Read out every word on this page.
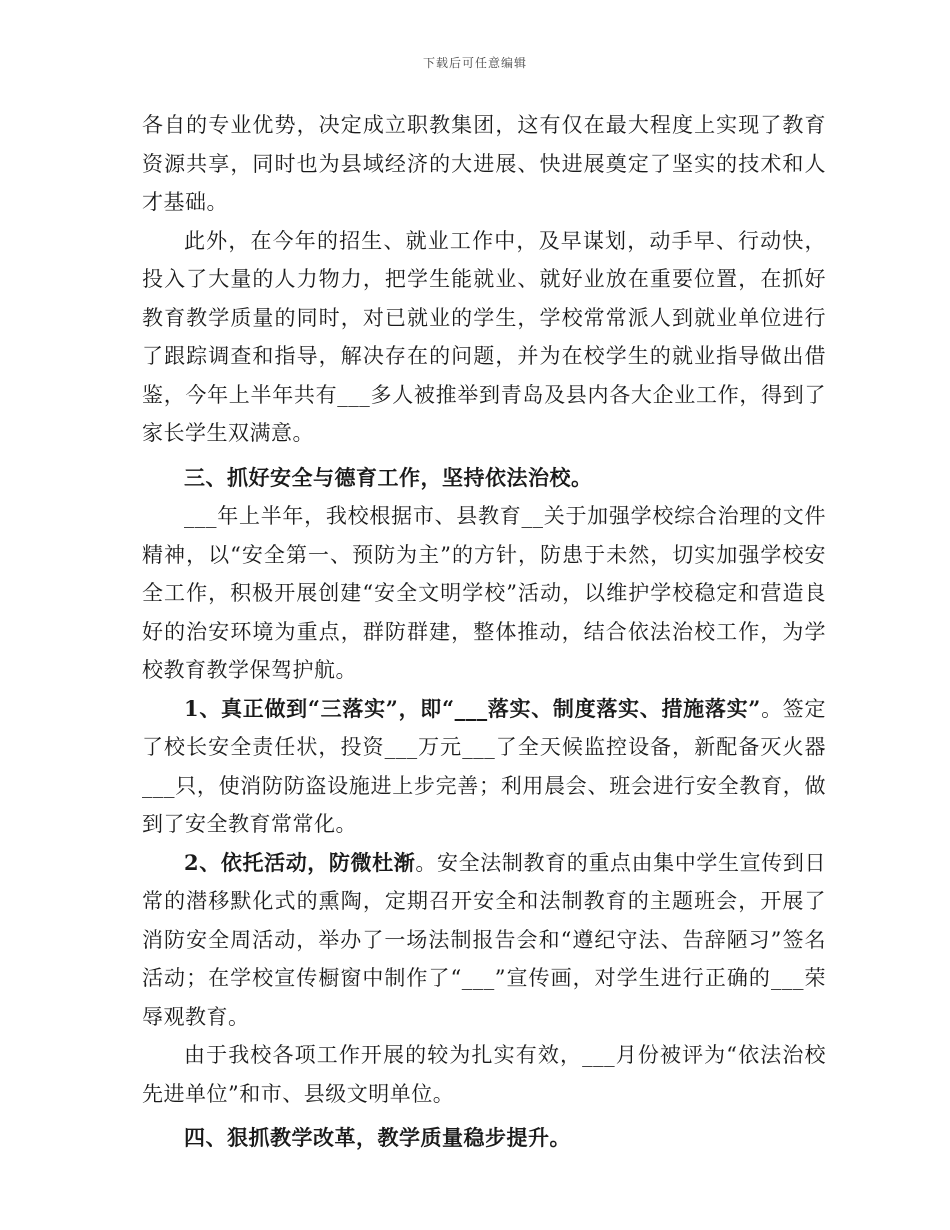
下载后可任意编辑

各自的专业优势，决定成立职教集团，这有仅在最大程度上实现了教育资源共享，同时也为县域经济的大进展、快进展奠定了坚实的技术和人才基础。

此外，在今年的招生、就业工作中，及早谋划，动手早、行动快，投入了大量的人力物力，把学生能就业、就好业放在重要位置，在抓好教育教学质量的同时，对已就业的学生，学校常常派人到就业单位进行了跟踪调查和指导，解决存在的问题，并为在校学生的就业指导做出借鉴，今年上半年共有___多人被推举到青岛及县内各大企业工作，得到了家长学生双满意。

三、抓好安全与德育工作，坚持依法治校。

___年上半年，我校根据市、县教育__关于加强学校综合治理的文件精神，以“安全第一、预防为主”的方针，防患于未然，切实加强学校安全工作，积极开展创建“安全文明学校”活动，以维护学校稳定和营造良好的治安环境为重点，群防群建，整体推动，结合依法治校工作，为学校教育教学保驾护航。

1、真正做到“三落实”，即“___落实、制度落实、措施落实”。签定了校长安全责任状，投资___万元___了全天候监控设备，新配备灭火器___只，使消防防盗设施进上步完善；利用晨会、班会进行安全教育，做到了安全教育常常化。

2、依托活动，防微杜渐。安全法制教育的重点由集中学生宣传到日常的潜移默化式的熏陶，定期召开安全和法制教育的主题班会，开展了消防安全周活动，举办了一场法制报告会和“遵纪守法、告辞陋习”签名活动；在学校宣传橱窗中制作了“___”宣传画，对学生进行正确的___荣辱观教育。

由于我校各项工作开展的较为扎实有效，___月份被评为“依法治校先进单位”和市、县级文明单位。

四、狠抓教学改革，教学质量稳步提升。
